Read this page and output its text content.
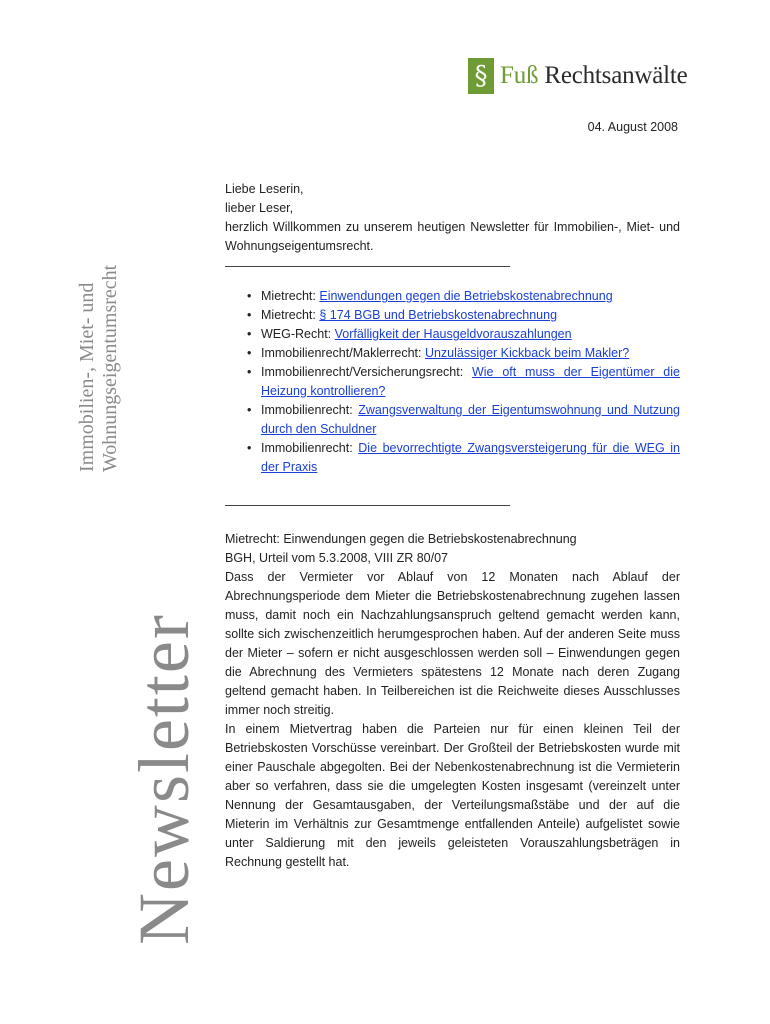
§ Fuß Rechtsanwälte
04. August 2008
Newsletter
Immobilien-, Miet- und Wohnungseigentumsrecht

Liebe Leserin,
lieber Leser,

herzlich Willkommen zu unserem heutigen Newsletter für Immobilien-, Miet- und Wohnungseigentumsrecht.

• Mietrecht: Einwendungen gegen die Betriebskostenabrechnung
• Mietrecht: § 174 BGB und Betriebskostenabrechnung
• WEG-Recht: Vorfälligkeit der Hausgeldvorauszahlungen
• Immobilienrecht/Maklerrecht: Unzulässiger Kickback beim Makler?
• Immobilienrecht/Versicherungsrecht: Wie oft muss der Eigentümer die Heizung kontrollieren?
• Immobilienrecht: Zwangsverwaltung der Eigentumswohnung und Nutzung durch den Schuldner
• Immobilienrecht: Die bevorrechtigte Zwangsversteigerung für die WEG in der Praxis

Mietrecht: Einwendungen gegen die Betriebskostenabrechnung

BGH, Urteil vom 5.3.2008, VIII ZR 80/07

Dass der Vermieter vor Ablauf von 12 Monaten nach Ablauf der Abrechnungsperiode dem Mieter die Betriebskostenabrechnung zugehen lassen muss, damit noch ein Nachzahlungsanspruch geltend gemacht werden kann, sollte sich zwischenzeitlich herumgesprochen haben. Auf der anderen Seite muss der Mieter – sofern er nicht ausgeschlossen werden soll – Einwendungen gegen die Abrechnung des Vermieters spätestens 12 Monate nach deren Zugang geltend gemacht haben. In Teilbereichen ist die Reichweite dieses Ausschlusses immer noch streitig.

In einem Mietvertrag haben die Parteien nur für einen kleinen Teil der Betriebskosten Vorschüsse vereinbart. Der Großteil der Betriebskosten wurde mit einer Pauschale abgegolten. Bei der Nebenkostenabrechnung ist die Vermieterin aber so verfahren, dass sie die umgelegten Kosten insgesamt (vereinzelt unter Nennung der Gesamtausgaben, der Verteilungsmaßstäbe und der auf die Mieterin im Verhältnis zur Gesamtmenge entfallenden Anteile) aufgelistet sowie unter Saldierung mit den jeweils geleisteten Vorauszahlungsbeträgen in Rechnung gestellt hat.
